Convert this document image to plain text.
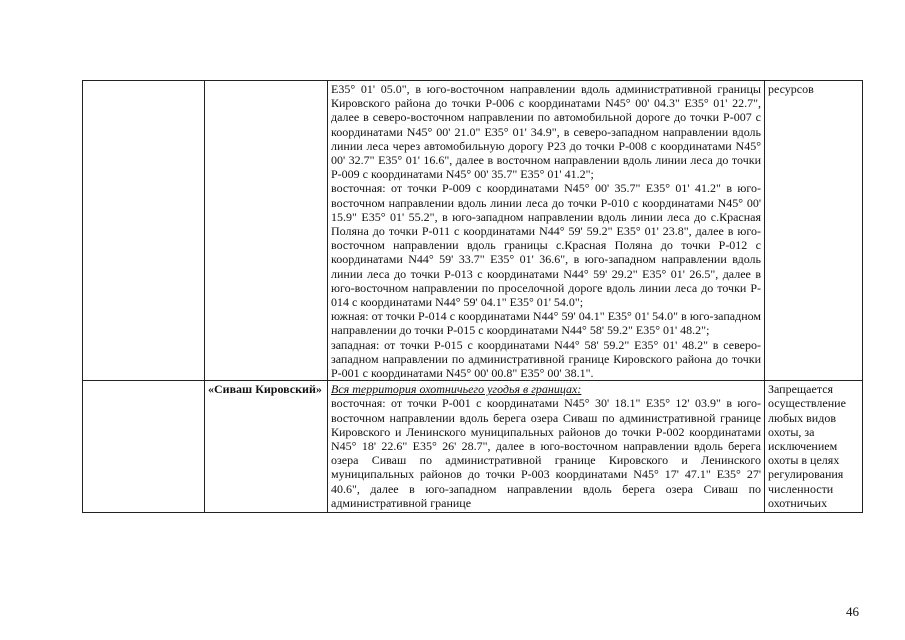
		E35° 01' 05.0", в юго-восточном направлении вдоль административной границы Кировского района до точки P-006 с координатами N45° 00' 04.3" E35° 01' 22.7", далее в северо-восточном направлении по автомобильной дороге до точки P-007 с координатами N45° 00' 21.0" E35° 01' 34.9", в северо-западном направлении вдоль линии леса через автомобильную дорогу P23 до точки P-008 с координатами N45° 00' 32.7" E35° 01' 16.6", далее в восточном направлении вдоль линии леса до точки P-009 с координатами N45° 00' 35.7" E35° 01' 41.2";
восточная: от точки P-009 с координатами N45° 00' 35.7" E35° 01' 41.2" в юго-восточном направлении вдоль линии леса до точки P-010 с координатами N45° 00' 15.9" E35° 01' 55.2", в юго-западном направлении вдоль линии леса до с.Красная Поляна до точки P-011 с координатами N44° 59' 59.2" E35° 01' 23.8", далее в юго-восточном направлении вдоль границы с.Красная Поляна до точки P-012 с координатами N44° 59' 33.7" E35° 01' 36.6", в юго-западном направлении вдоль линии леса до точки P-013 с координатами N44° 59' 29.2" E35° 01' 26.5", далее в юго-восточном направлении по проселочной дороге вдоль линии леса до точки P-014 с координатами N44° 59' 04.1" E35° 01' 54.0";
южная: от точки P-014 с координатами N44° 59' 04.1" E35° 01' 54.0" в юго-западном направлении до точки P-015 с координатами N44° 58' 59.2" E35° 01' 48.2";
западная: от точки P-015 с координатами N44° 58' 59.2" E35° 01' 48.2" в северо-западном направлении по административной границе Кировского района до точки P-001 с координатами N45° 00' 00.8" E35° 00' 38.1".	ресурсов
	«Сиваш Кировский»	Вся территория охотничьего угодья в границах:
восточная: от точки P-001 с координатами N45° 30' 18.1" E35° 12' 03.9" в юго-восточном направлении вдоль берега озера Сиваш по административной границе Кировского и Ленинского муниципальных районов до точки P-002 координатами N45° 18' 22.6" E35° 26' 28.7", далее в юго-восточном направлении вдоль берега озера Сиваш по административной границе Кировского и Ленинского муниципальных районов до точки P-003 координатами N45° 17' 47.1" E35° 27' 40.6", далее в юго-западном направлении вдоль берега озера Сиваш по административной границе	Запрещается осуществление любых видов охоты, за исключением охоты в целях регулирования численности охотничьих
46
